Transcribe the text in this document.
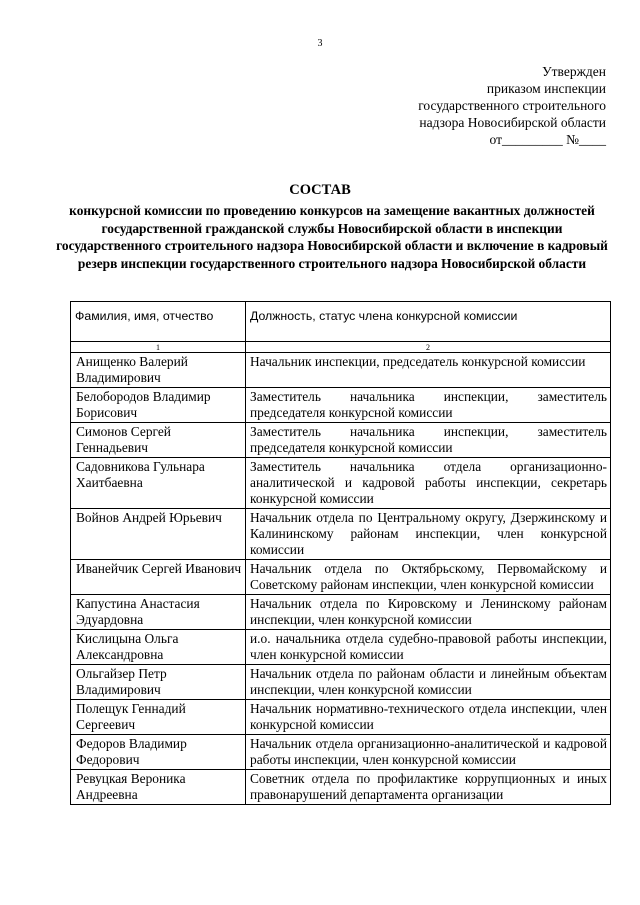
3
Утвержден
приказом инспекции
государственного строительного
надзора Новосибирской области
от_________ №____
СОСТАВ
конкурсной комиссии по проведению конкурсов на замещение вакантных должностей государственной гражданской службы Новосибирской области в инспекции государственного строительного надзора Новосибирской области и включение в кадровый резерв инспекции государственного строительного надзора Новосибирской области
Фамилия, имя, отчество	Должность, статус члена конкурсной комиссии
1	2
Анищенко Валерий Владимирович	Начальник инспекции, председатель конкурсной комиссии
Белобородов Владимир Борисович	Заместитель начальника инспекции, заместитель председателя конкурсной комиссии
Симонов Сергей Геннадьевич	Заместитель начальника инспекции, заместитель председателя конкурсной комиссии
Садовникова Гульнара Хаитбаевна	Заместитель начальника отдела организационно-аналитической и кадровой работы инспекции, секретарь конкурсной комиссии
Войнов Андрей Юрьевич	Начальник отдела по Центральному округу, Дзержинскому и Калининскому районам инспекции, член конкурсной комиссии
Иванейчик Сергей Иванович	Начальник отдела по Октябрьскому, Первомайскому и Советскому районам инспекции, член конкурсной комиссии
Капустина Анастасия Эдуардовна	Начальник отдела по Кировскому и Ленинскому районам инспекции, член конкурсной комиссии
Кислицына Ольга Александровна	и.о. начальника отдела судебно-правовой работы инспекции, член конкурсной комиссии
Ольгайзер Петр Владимирович	Начальник отдела по районам области и линейным объектам инспекции, член конкурсной комиссии
Полещук Геннадий Сергеевич	Начальник нормативно-технического отдела инспекции, член конкурсной комиссии
Федоров Владимир Федорович	Начальник отдела организационно-аналитической и кадровой работы инспекции, член конкурсной комиссии
Ревуцкая Вероника Андреевна	Советник отдела по профилактике коррупционных и иных правонарушений департамента организации
